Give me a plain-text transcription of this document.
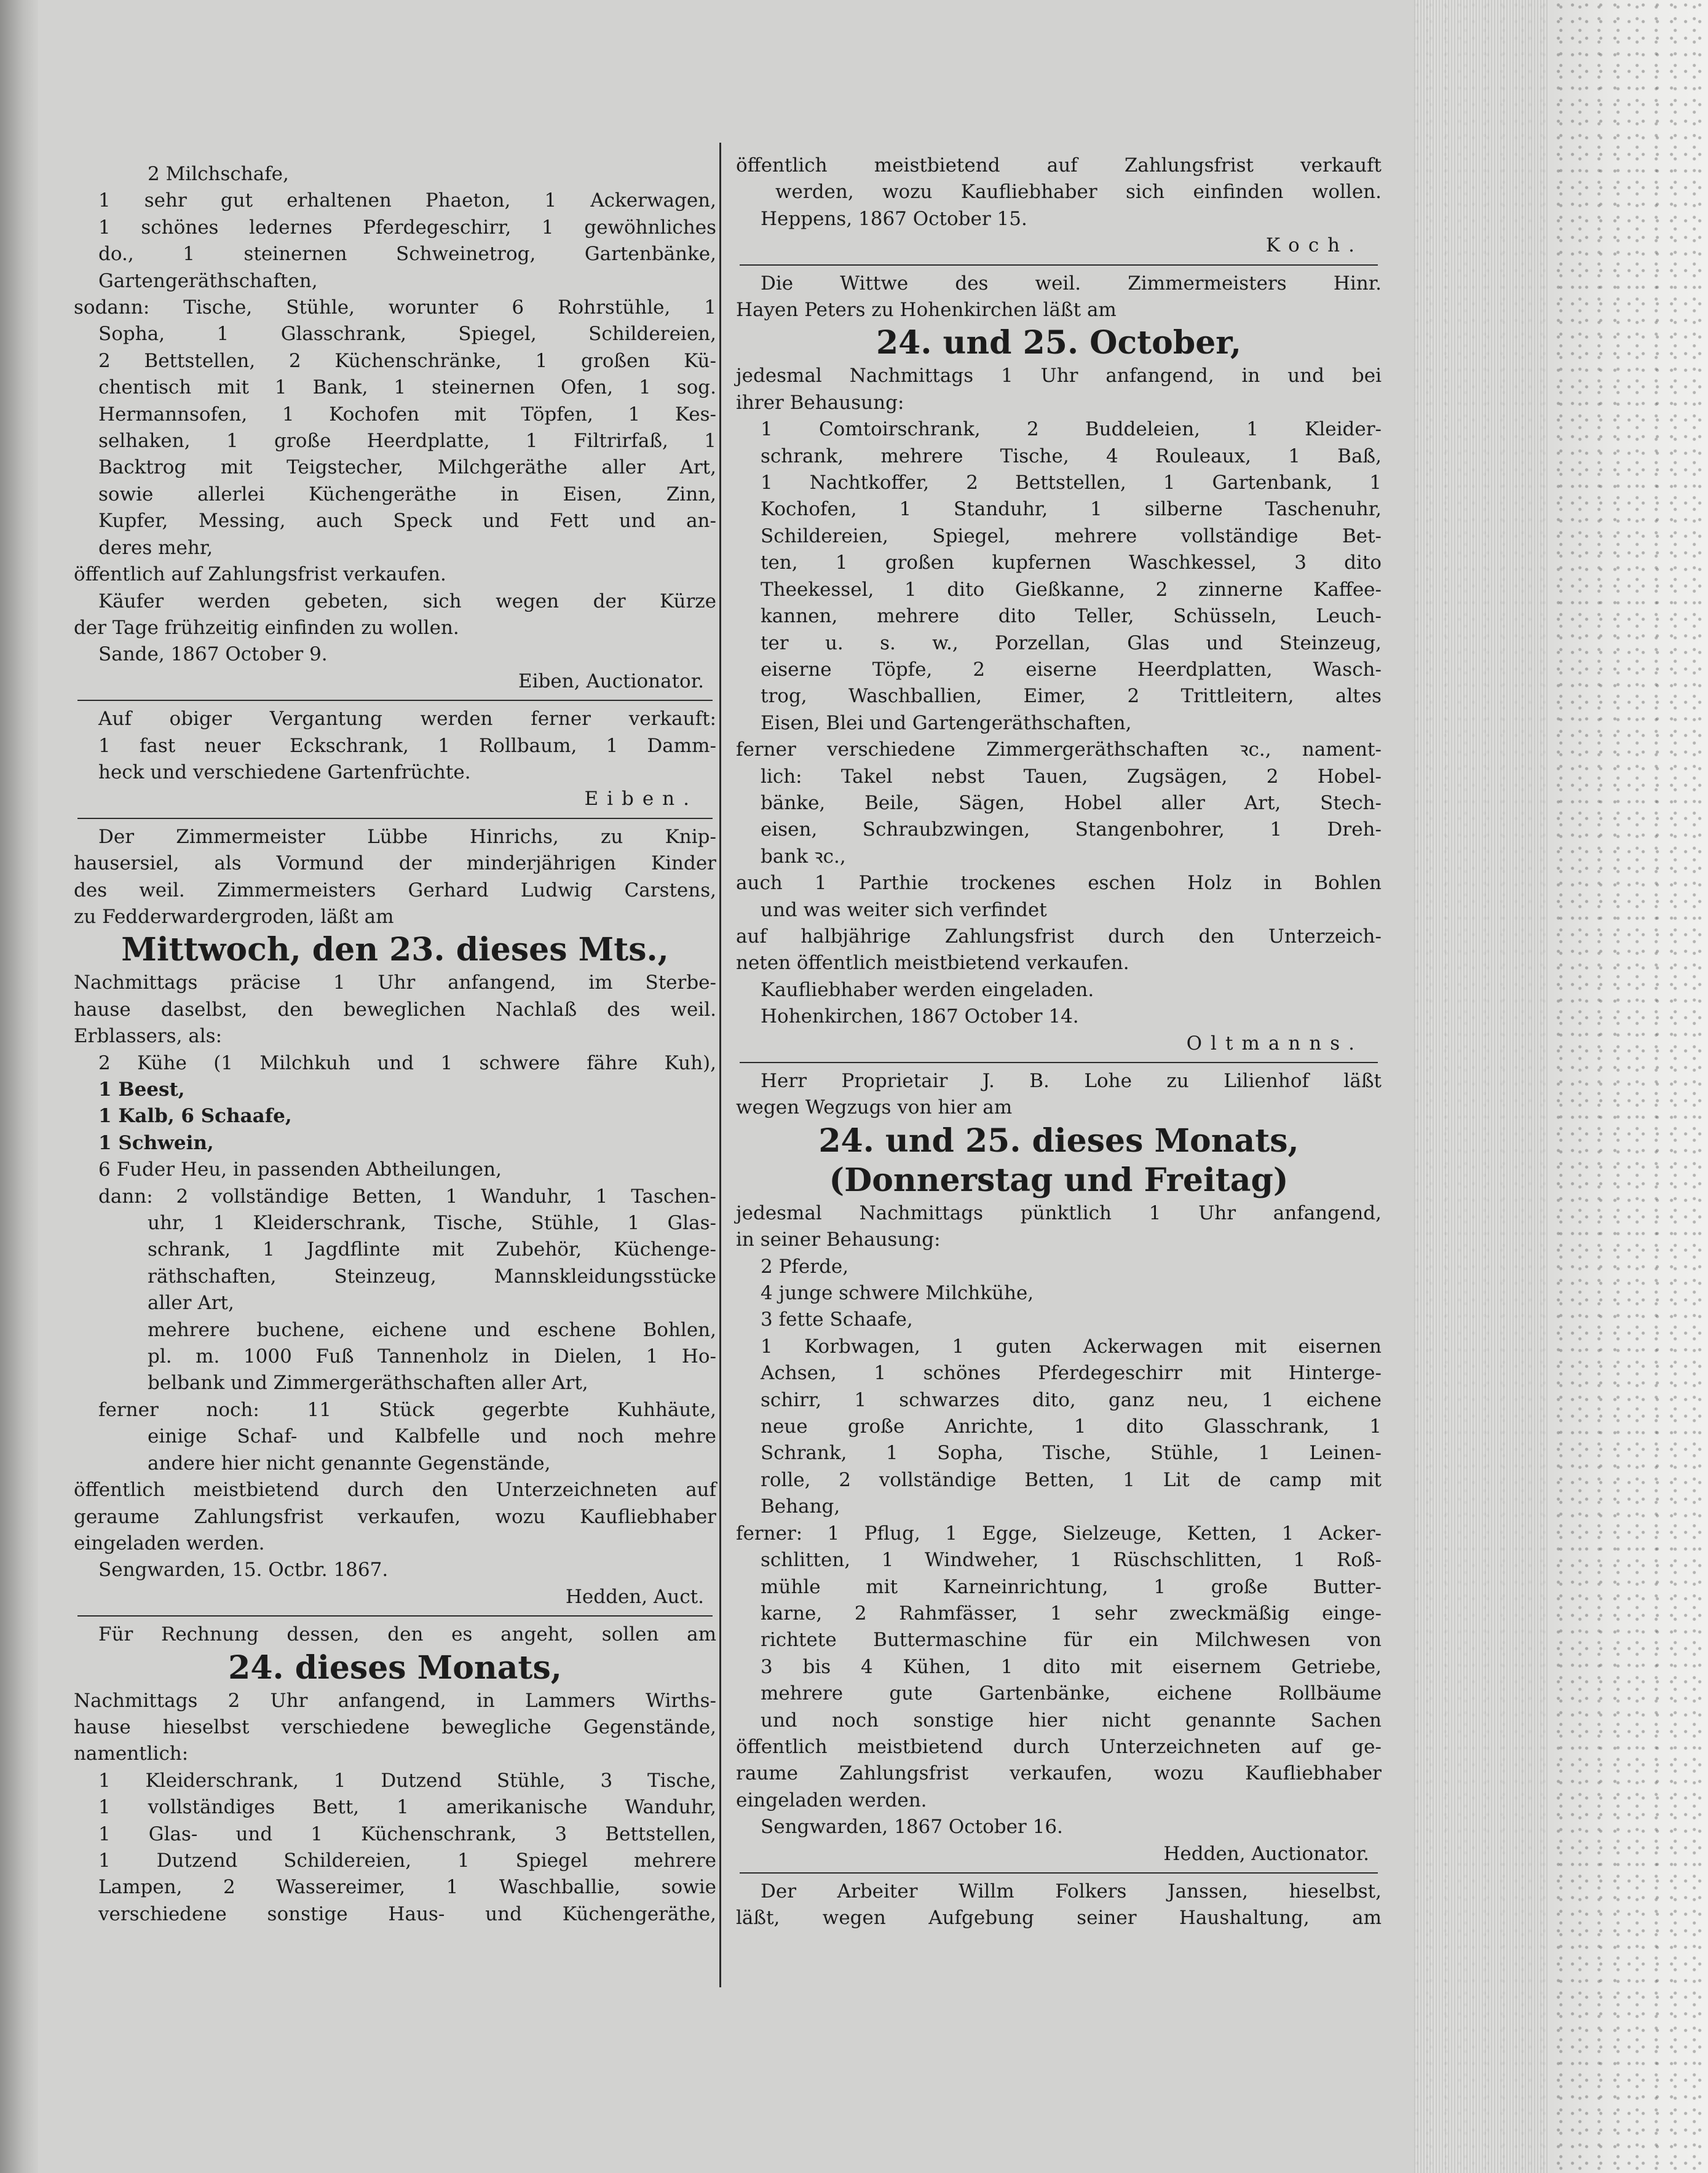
2 Milchschafe,
1 sehr gut erhaltenen Phaeton, 1 Ackerwagen,
1 schönes ledernes Pferdegeschirr, 1 gewöhnliches
do., 1 steinernen Schweinetrog, Gartenbänke,
Gartengeräthschaften,
sodann: Tische, Stühle, worunter 6 Rohrstühle, 1
Sopha, 1 Glasschrank, Spiegel, Schildereien,
2 Bettstellen, 2 Küchenschränke, 1 großen Kü-
chentisch mit 1 Bank, 1 steinernen Ofen, 1 sog.
Hermannsofen, 1 Kochofen mit Töpfen, 1 Kes-
selhaken, 1 große Heerdplatte, 1 Filtrirfaß, 1
Backtrog mit Teigstecher, Milchgeräthe aller Art,
sowie allerlei Küchengeräthe in Eisen, Zinn,
Kupfer, Messing, auch Speck und Fett und an-
deres mehr,
öffentlich auf Zahlungsfrist verkaufen.
Käufer werden gebeten, sich wegen der Kürze
der Tage frühzeitig einfinden zu wollen.
Sande, 1867 October 9.
Eiben, Auctionator.
Auf obiger Vergantung werden ferner verkauft:
1 fast neuer Eckschrank, 1 Rollbaum, 1 Damm-
heck und verschiedene Gartenfrüchte.
Eiben.
Der Zimmermeister Lübbe Hinrichs, zu Knip-
hausersiel, als Vormund der minderjährigen Kinder
des weil. Zimmermeisters Gerhard Ludwig Carstens,
zu Fedderwardergroden, läßt am
Mittwoch, den 23. dieses Mts.,
Nachmittags präcise 1 Uhr anfangend, im Sterbe-
hause daselbst, den beweglichen Nachlaß des weil.
Erblassers, als:
2 Kühe (1 Milchkuh und 1 schwere fähre Kuh),
1 Beest,
1 Kalb, 6 Schaafe,
1 Schwein,
6 Fuder Heu, in passenden Abtheilungen,
dann: 2 vollständige Betten, 1 Wanduhr, 1 Taschen-
uhr, 1 Kleiderschrank, Tische, Stühle, 1 Glas-
schrank, 1 Jagdflinte mit Zubehör, Küchenge-
räthschaften, Steinzeug, Mannskleidungsstücke
aller Art,
mehrere buchene, eichene und eschene Bohlen,
pl. m. 1000 Fuß Tannenholz in Dielen, 1 Ho-
belbank und Zimmergeräthschaften aller Art,
ferner noch: 11 Stück gegerbte Kuhhäute,
einige Schaf- und Kalbfelle und noch mehre
andere hier nicht genannte Gegenstände,
öffentlich meistbietend durch den Unterzeichneten auf
geraume Zahlungsfrist verkaufen, wozu Kaufliebhaber
eingeladen werden.
Sengwarden, 15. Octbr. 1867.
Hedden, Auct.
Für Rechnung dessen, den es angeht, sollen am
24. dieses Monats,
Nachmittags 2 Uhr anfangend, in Lammers Wirths-
hause hieselbst verschiedene bewegliche Gegenstände,
namentlich:
1 Kleiderschrank, 1 Dutzend Stühle, 3 Tische,
1 vollständiges Bett, 1 amerikanische Wanduhr,
1 Glas- und 1 Küchenschrank, 3 Bettstellen,
1 Dutzend Schildereien, 1 Spiegel mehrere
Lampen, 2 Wassereimer, 1 Waschballie, sowie
verschiedene sonstige Haus- und Küchengeräthe,
öffentlich meistbietend auf Zahlungsfrist verkauft
werden, wozu Kaufliebhaber sich einfinden wollen.
Heppens, 1867 October 15.
Koch.
Die Wittwe des weil. Zimmermeisters Hinr.
Hayen Peters zu Hohenkirchen läßt am
24. und 25. October,
jedesmal Nachmittags 1 Uhr anfangend, in und bei
ihrer Behausung:
1 Comtoirschrank, 2 Buddeleien, 1 Kleider-
schrank, mehrere Tische, 4 Rouleaux, 1 Baß,
1 Nachtkoffer, 2 Bettstellen, 1 Gartenbank, 1
Kochofen, 1 Standuhr, 1 silberne Taschenuhr,
Schildereien, Spiegel, mehrere vollständige Bet-
ten, 1 großen kupfernen Waschkessel, 3 dito
Theekessel, 1 dito Gießkanne, 2 zinnerne Kaffee-
kannen, mehrere dito Teller, Schüsseln, Leuch-
ter u. s. w., Porzellan, Glas und Steinzeug,
eiserne Töpfe, 2 eiserne Heerdplatten, Wasch-
trog, Waschballien, Eimer, 2 Trittleitern, altes
Eisen, Blei und Gartengeräthschaften,
ferner verschiedene Zimmergeräthschaften ꝛc., nament-
lich: Takel nebst Tauen, Zugsägen, 2 Hobel-
bänke, Beile, Sägen, Hobel aller Art, Stech-
eisen, Schraubzwingen, Stangenbohrer, 1 Dreh-
bank ꝛc.,
auch 1 Parthie trockenes eschen Holz in Bohlen
und was weiter sich verfindet
auf halbjährige Zahlungsfrist durch den Unterzeich-
neten öffentlich meistbietend verkaufen.
Kaufliebhaber werden eingeladen.
Hohenkirchen, 1867 October 14.
Oltmanns.
Herr Proprietair J. B. Lohe zu Lilienhof läßt
wegen Wegzugs von hier am
24. und 25. dieses Monats,
(Donnerstag und Freitag)
jedesmal Nachmittags pünktlich 1 Uhr anfangend,
in seiner Behausung:
2 Pferde,
4 junge schwere Milchkühe,
3 fette Schaafe,
1 Korbwagen, 1 guten Ackerwagen mit eisernen
Achsen, 1 schönes Pferdegeschirr mit Hinterge-
schirr, 1 schwarzes dito, ganz neu, 1 eichene
neue große Anrichte, 1 dito Glasschrank, 1
Schrank, 1 Sopha, Tische, Stühle, 1 Leinen-
rolle, 2 vollständige Betten, 1 Lit de camp mit
Behang,
ferner: 1 Pflug, 1 Egge, Sielzeuge, Ketten, 1 Acker-
schlitten, 1 Windweher, 1 Rüschschlitten, 1 Roß-
mühle mit Karneinrichtung, 1 große Butter-
karne, 2 Rahmfässer, 1 sehr zweckmäßig einge-
richtete Buttermaschine für ein Milchwesen von
3 bis 4 Kühen, 1 dito mit eisernem Getriebe,
mehrere gute Gartenbänke, eichene Rollbäume
und noch sonstige hier nicht genannte Sachen
öffentlich meistbietend durch Unterzeichneten auf ge-
raume Zahlungsfrist verkaufen, wozu Kaufliebhaber
eingeladen werden.
Sengwarden, 1867 October 16.
Hedden, Auctionator.
Der Arbeiter Willm Folkers Janssen, hieselbst,
läßt, wegen Aufgebung seiner Haushaltung, am
